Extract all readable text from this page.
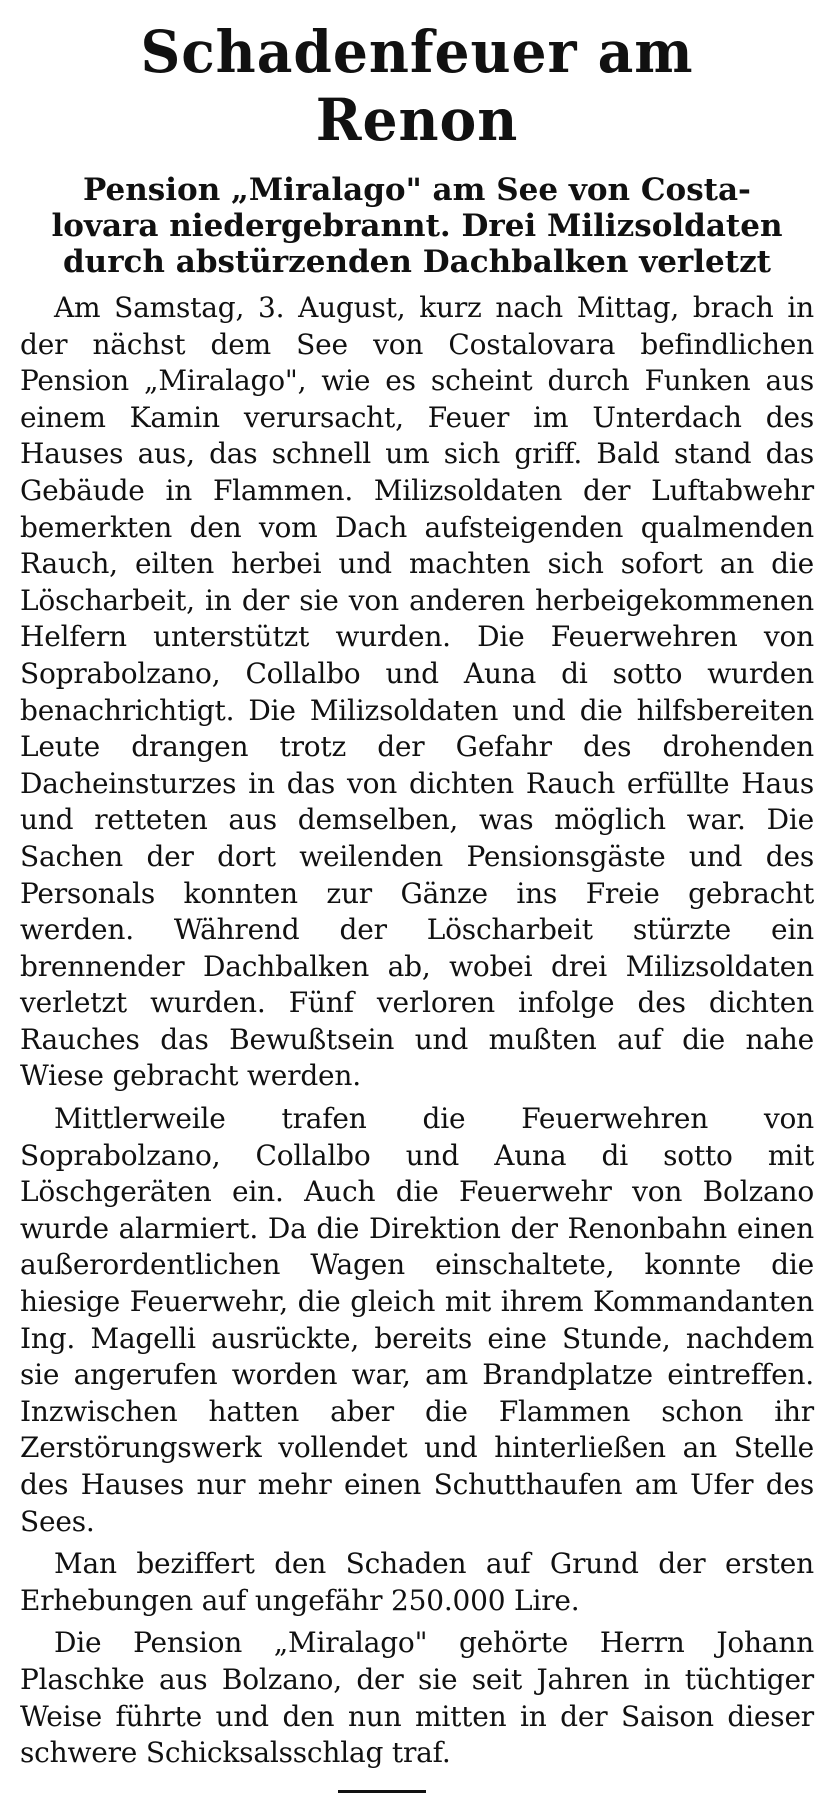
Schadenfeuer am Renon
Pension „Miralago" am See von Costa-
lovara niedergebrannt. Drei Milizsoldaten
durch abstürzenden Dachbalken verletzt

Am Samstag, 3. August, kurz nach Mittag, brach in der nächst dem See von Costalovara befindlichen Pension „Miralago", wie es scheint durch Funken aus einem Kamin verursacht, Feuer im Unterdach des Hauses aus, das schnell um sich griff. Bald stand das Gebäude in Flammen. Milizsoldaten der Luftabwehr bemerkten den vom Dach aufsteigenden qualmenden Rauch, eilten herbei und machten sich sofort an die Löscharbeit, in der sie von anderen herbeigekommenen Helfern unterstützt wurden. Die Feuerwehren von Soprabolzano, Collalbo und Auna di sotto wurden benachrichtigt. Die Milizsoldaten und die hilfsbereiten Leute drangen trotz der Gefahr des drohenden Dacheinsturzes in das von dichten Rauch erfüllte Haus und retteten aus demselben, was möglich war. Die Sachen der dort weilenden Pensionsgäste und des Personals konnten zur Gänze ins Freie gebracht werden. Während der Löscharbeit stürzte ein brennender Dachbalken ab, wobei drei Milizsoldaten verletzt wurden. Fünf verloren infolge des dichten Rauches das Bewußtsein und mußten auf die nahe Wiese gebracht werden.

Mittlerweile trafen die Feuerwehren von Soprabolzano, Collalbo und Auna di sotto mit Löschgeräten ein. Auch die Feuerwehr von Bolzano wurde alarmiert. Da die Direktion der Renonbahn einen außerordentlichen Wagen einschaltete, konnte die hiesige Feuerwehr, die gleich mit ihrem Kommandanten Ing. Magelli ausrückte, bereits eine Stunde, nachdem sie angerufen worden war, am Brandplatze eintreffen. Inzwischen hatten aber die Flammen schon ihr Zerstörungswerk vollendet und hinterließen an Stelle des Hauses nur mehr einen Schutthaufen am Ufer des Sees.

Man beziffert den Schaden auf Grund der ersten Erhebungen auf ungefähr 250.000 Lire.

Die Pension „Miralago" gehörte Herrn Johann Plaschke aus Bolzano, der sie seit Jahren in tüchtiger Weise führte und den nun mitten in der Saison dieser schwere Schicksalsschlag traf.
